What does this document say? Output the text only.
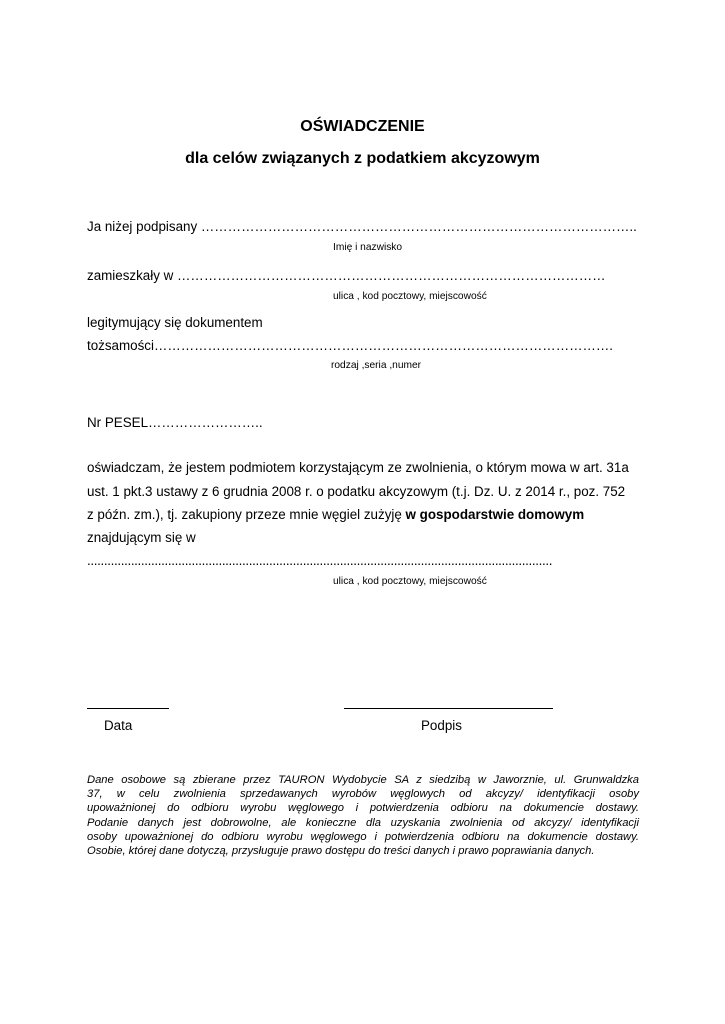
OŚWIADCZENIE
dla celów związanych z podatkiem akcyzowym
Ja niżej podpisany ……………………………………………………………………………………..
Imię i nazwisko
zamieszkały w ……………………………………………………………………………………
ulica , kod pocztowy, miejscowość
legitymujący się dokumentem
tożsamości………………………………………………………………………………………….
rodzaj ,seria ,numer
Nr PESEL……………………..
oświadczam, że jestem podmiotem korzystającym ze zwolnienia, o którym mowa w art. 31a
ust. 1 pkt.3 ustawy z 6 grudnia 2008 r. o podatku akcyzowym (t.j. Dz. U. z 2014 r., poz. 752
z późn. zm.), tj. zakupiony przeze mnie węgiel zużyję w gospodarstwie domowym
znajdującym się w
..........................................................................................................................................
ulica , kod pocztowy, miejscowość
Data	Podpis
Dane osobowe są zbierane przez TAURON Wydobycie SA z siedzibą w Jaworznie, ul. Grunwaldzka
37, w celu zwolnienia sprzedawanych wyrobów węglowych od akcyzy/ identyfikacji osoby
upoważnionej do odbioru wyrobu węglowego i potwierdzenia odbioru na dokumencie dostawy.
Podanie danych jest dobrowolne, ale konieczne dla uzyskania zwolnienia od akcyzy/ identyfikacji
osoby upoważnionej do odbioru wyrobu węglowego i potwierdzenia odbioru na dokumencie dostawy.
Osobie, której dane dotyczą, przysługuje prawo dostępu do treści danych i prawo poprawiania danych.
